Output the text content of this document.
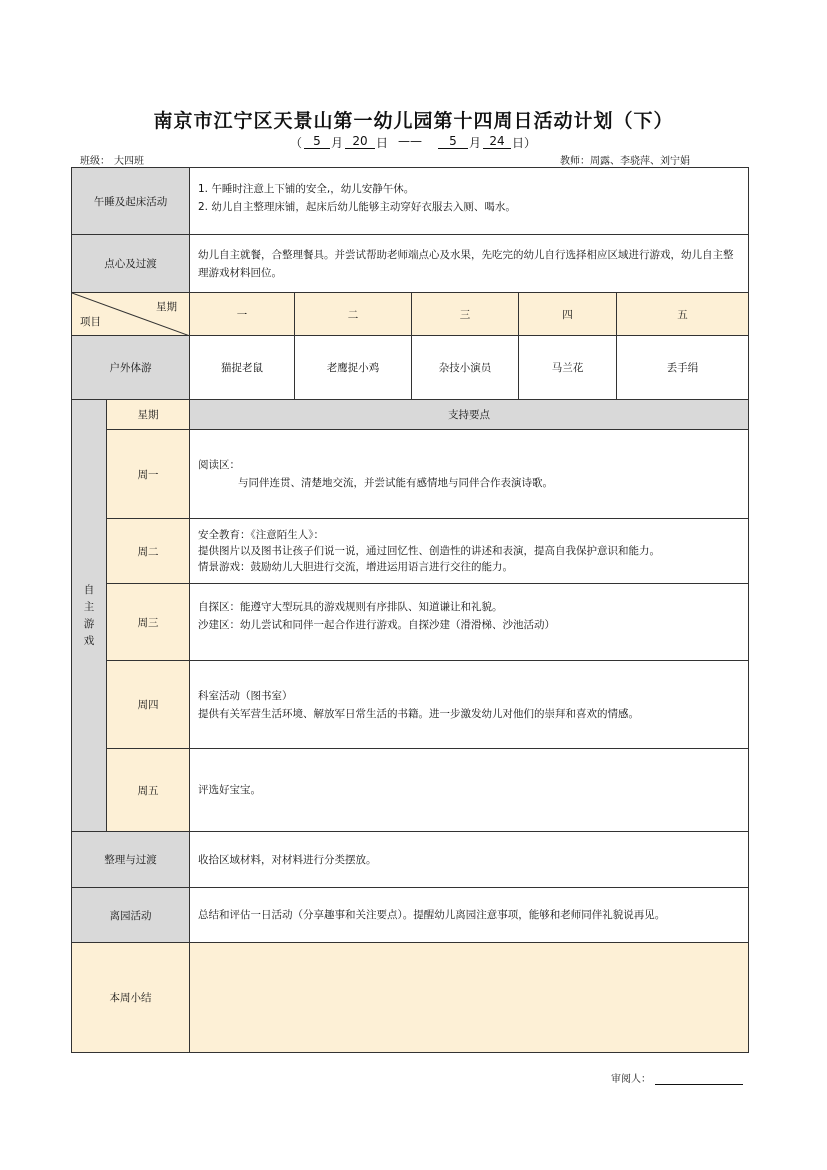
南京市江宁区天景山第一幼儿园第十四周日活动计划（下）
（ 5 月 20 日 ——	5	月 24 日）
班级： 大四班	教师：周露、李骁萍、刘宁娟
午睡及起床活动		1. 午睡时注意上下铺的安全,，幼儿安静午休。
2. 幼儿自主整理床铺，起床后幼儿能够主动穿好衣服去入厕、喝水。				

点心及过渡		幼儿自主就餐，合整理餐具。并尝试帮助老师端点心及水果，先吃完的幼儿自行选择相应区域进行游戏，幼儿自主整理游戏材料回位。				

星期
项目		一	二	三	四	五
户外体游		猫捉老鼠	老鹰捉小鸡	杂技小演员	马兰花	丢手绢

自
主
游
戏	星期	支持要点				
	周一	阅读区：
与同伴连贯、清楚地交流，并尝试能有感情地与同伴合作表演诗歌。				

	周二	安全教育：《注意陌生人》：
提供图片以及图书让孩子们说一说，通过回忆性、创造性的讲述和表演，提高自我保护意识和能力。
情景游戏：鼓励幼儿大胆进行交流，增进运用语言进行交往的能力。				

	周三	自探区：能遵守大型玩具的游戏规则有序排队、知道谦让和礼貌。
沙建区：幼儿尝试和同伴一起合作进行游戏。自探沙建（滑滑梯、沙池活动）				

	周四	科室活动（图书室）
提供有关军营生活环境、解放军日常生活的书籍。进一步激发幼儿对他们的崇拜和喜欢的情感。				

	周五	评选好宝宝。				
整理与过渡		收拾区域材料，对材料进行分类摆放。				
离园活动		总结和评估一日活动（分享趣事和关注要点）。提醒幼儿离园注意事项，能够和老师同伴礼貌说再见。				
本周小结						
审阅人：
